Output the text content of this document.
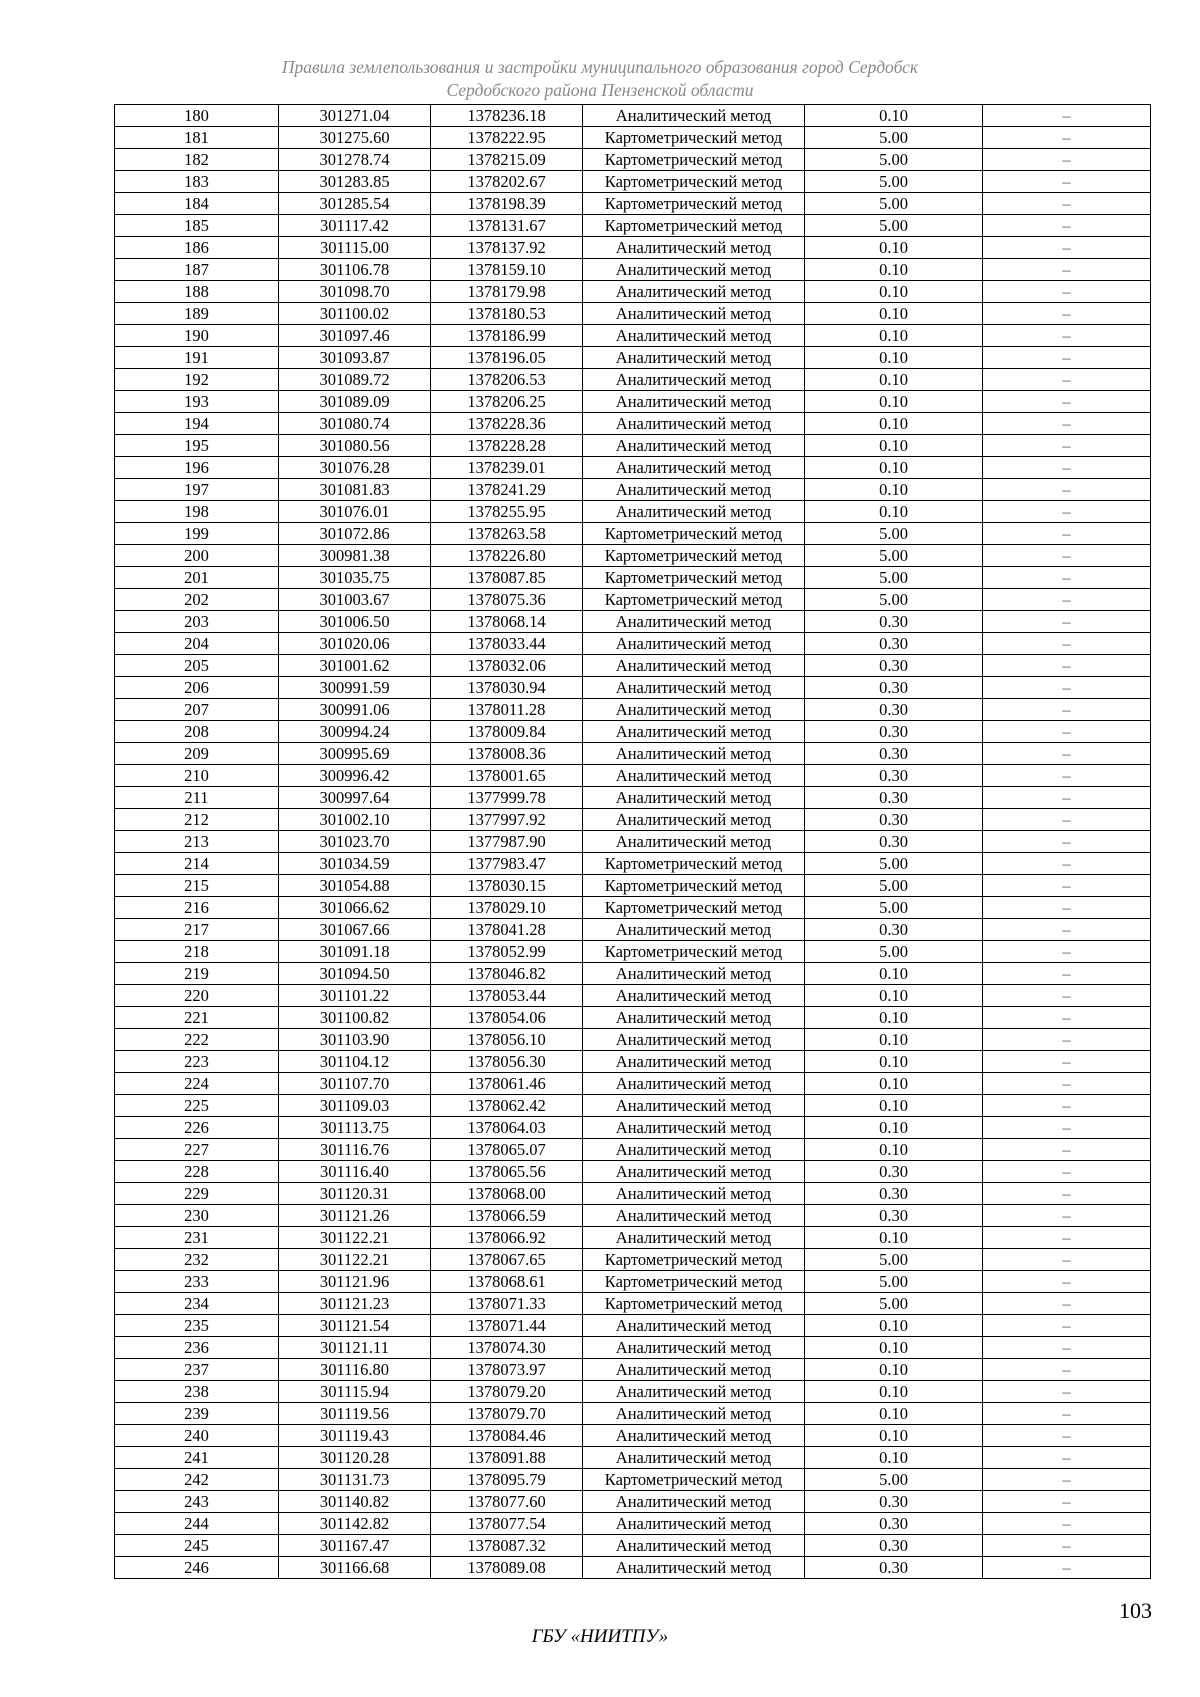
Правила землепользования и застройки муниципального образования город Сердобск
Сердобского района Пензенской области
180	301271.04	1378236.18	Аналитический метод	0.10	–
181	301275.60	1378222.95	Картометрический метод	5.00	–
182	301278.74	1378215.09	Картометрический метод	5.00	–
183	301283.85	1378202.67	Картометрический метод	5.00	–
184	301285.54	1378198.39	Картометрический метод	5.00	–
185	301117.42	1378131.67	Картометрический метод	5.00	–
186	301115.00	1378137.92	Аналитический метод	0.10	–
187	301106.78	1378159.10	Аналитический метод	0.10	–
188	301098.70	1378179.98	Аналитический метод	0.10	–
189	301100.02	1378180.53	Аналитический метод	0.10	–
190	301097.46	1378186.99	Аналитический метод	0.10	–
191	301093.87	1378196.05	Аналитический метод	0.10	–
192	301089.72	1378206.53	Аналитический метод	0.10	–
193	301089.09	1378206.25	Аналитический метод	0.10	–
194	301080.74	1378228.36	Аналитический метод	0.10	–
195	301080.56	1378228.28	Аналитический метод	0.10	–
196	301076.28	1378239.01	Аналитический метод	0.10	–
197	301081.83	1378241.29	Аналитический метод	0.10	–
198	301076.01	1378255.95	Аналитический метод	0.10	–
199	301072.86	1378263.58	Картометрический метод	5.00	–
200	300981.38	1378226.80	Картометрический метод	5.00	–
201	301035.75	1378087.85	Картометрический метод	5.00	–
202	301003.67	1378075.36	Картометрический метод	5.00	–
203	301006.50	1378068.14	Аналитический метод	0.30	–
204	301020.06	1378033.44	Аналитический метод	0.30	–
205	301001.62	1378032.06	Аналитический метод	0.30	–
206	300991.59	1378030.94	Аналитический метод	0.30	–
207	300991.06	1378011.28	Аналитический метод	0.30	–
208	300994.24	1378009.84	Аналитический метод	0.30	–
209	300995.69	1378008.36	Аналитический метод	0.30	–
210	300996.42	1378001.65	Аналитический метод	0.30	–
211	300997.64	1377999.78	Аналитический метод	0.30	–
212	301002.10	1377997.92	Аналитический метод	0.30	–
213	301023.70	1377987.90	Аналитический метод	0.30	–
214	301034.59	1377983.47	Картометрический метод	5.00	–
215	301054.88	1378030.15	Картометрический метод	5.00	–
216	301066.62	1378029.10	Картометрический метод	5.00	–
217	301067.66	1378041.28	Аналитический метод	0.30	–
218	301091.18	1378052.99	Картометрический метод	5.00	–
219	301094.50	1378046.82	Аналитический метод	0.10	–
220	301101.22	1378053.44	Аналитический метод	0.10	–
221	301100.82	1378054.06	Аналитический метод	0.10	–
222	301103.90	1378056.10	Аналитический метод	0.10	–
223	301104.12	1378056.30	Аналитический метод	0.10	–
224	301107.70	1378061.46	Аналитический метод	0.10	–
225	301109.03	1378062.42	Аналитический метод	0.10	–
226	301113.75	1378064.03	Аналитический метод	0.10	–
227	301116.76	1378065.07	Аналитический метод	0.10	–
228	301116.40	1378065.56	Аналитический метод	0.30	–
229	301120.31	1378068.00	Аналитический метод	0.30	–
230	301121.26	1378066.59	Аналитический метод	0.30	–
231	301122.21	1378066.92	Аналитический метод	0.10	–
232	301122.21	1378067.65	Картометрический метод	5.00	–
233	301121.96	1378068.61	Картометрический метод	5.00	–
234	301121.23	1378071.33	Картометрический метод	5.00	–
235	301121.54	1378071.44	Аналитический метод	0.10	–
236	301121.11	1378074.30	Аналитический метод	0.10	–
237	301116.80	1378073.97	Аналитический метод	0.10	–
238	301115.94	1378079.20	Аналитический метод	0.10	–
239	301119.56	1378079.70	Аналитический метод	0.10	–
240	301119.43	1378084.46	Аналитический метод	0.10	–
241	301120.28	1378091.88	Аналитический метод	0.10	–
242	301131.73	1378095.79	Картометрический метод	5.00	–
243	301140.82	1378077.60	Аналитический метод	0.30	–
244	301142.82	1378077.54	Аналитический метод	0.30	–
245	301167.47	1378087.32	Аналитический метод	0.30	–
246	301166.68	1378089.08	Аналитический метод	0.30	–
103
ГБУ «НИИТПУ»
